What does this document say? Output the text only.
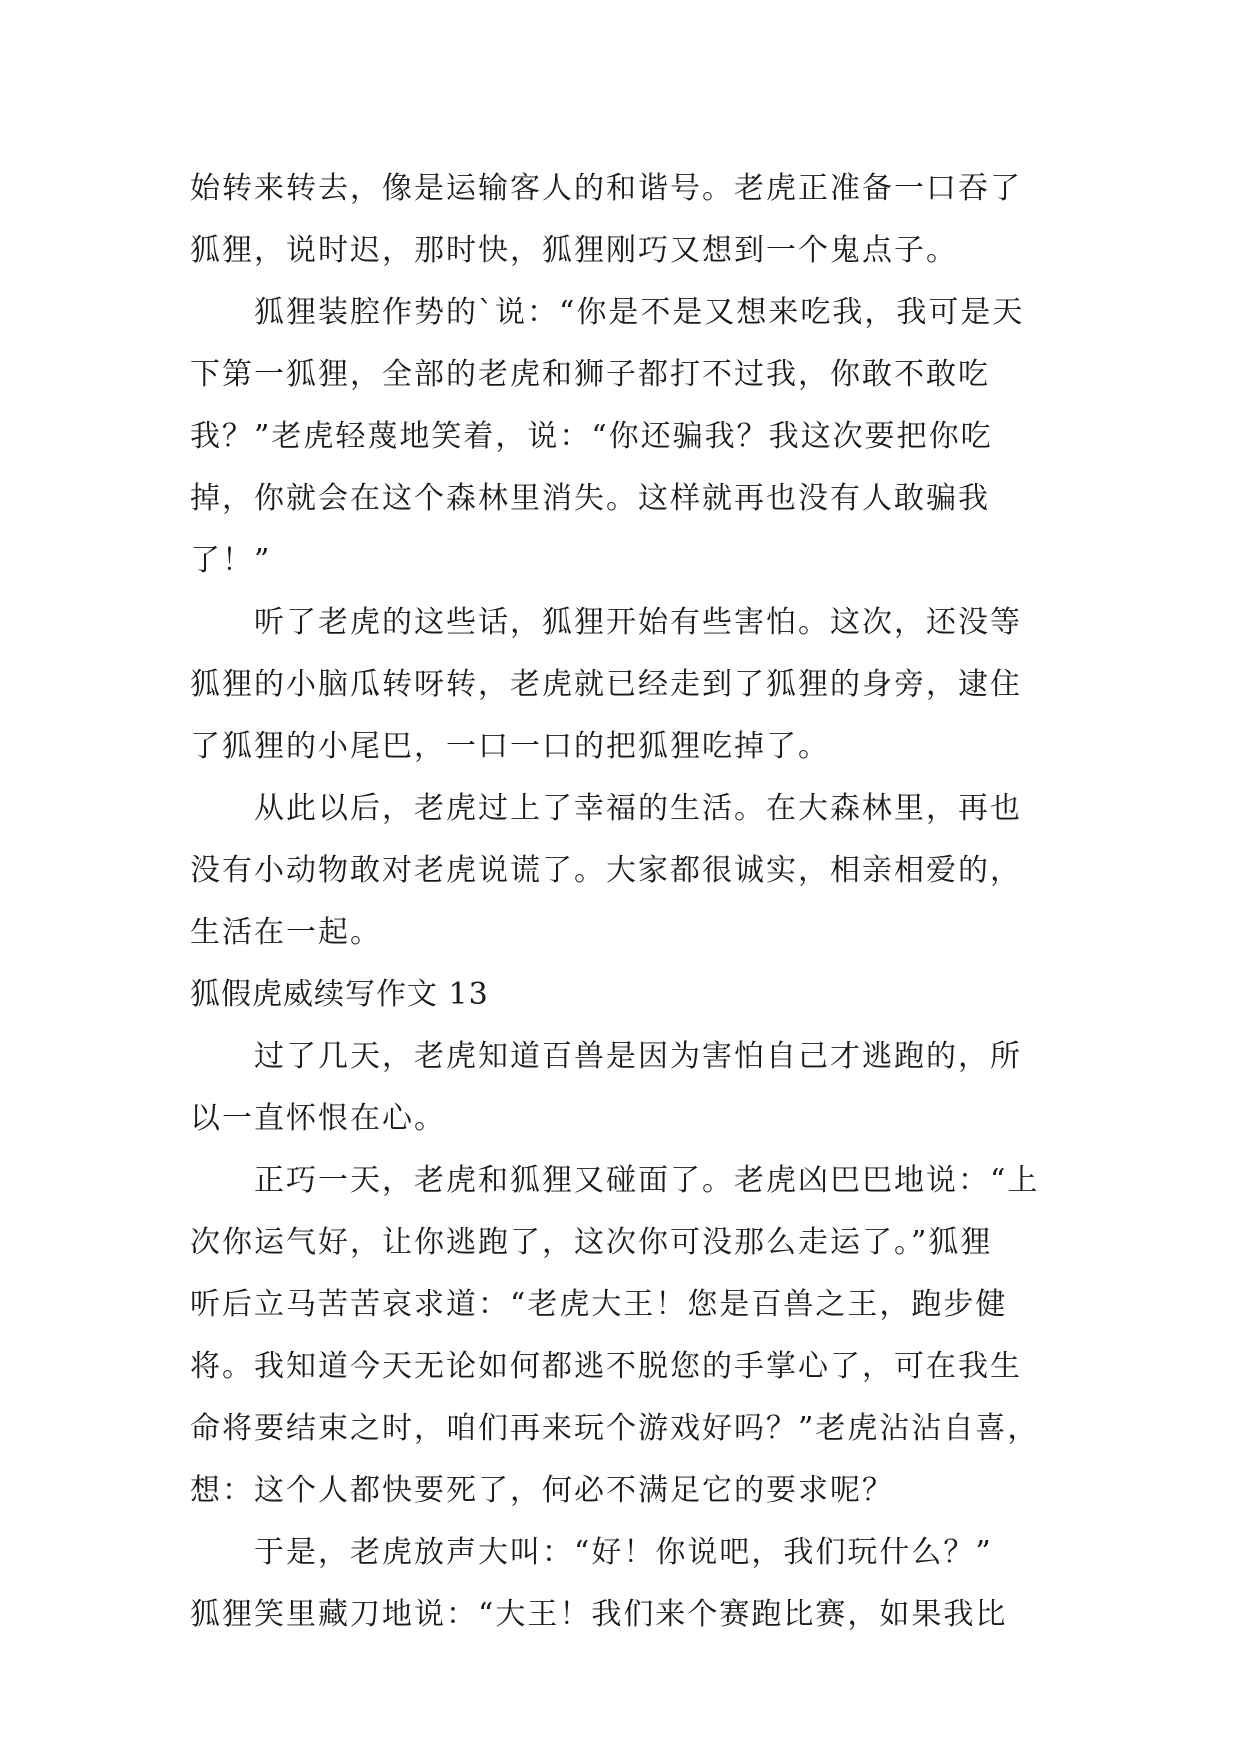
始转来转去，像是运输客人的和谐号。老虎正准备一口吞了
狐狸，说时迟，那时快，狐狸刚巧又想到一个鬼点子。
　　狐狸装腔作势的`说：“你是不是又想来吃我，我可是天
下第一狐狸，全部的老虎和狮子都打不过我，你敢不敢吃
我？”老虎轻蔑地笑着，说：“你还骗我？我这次要把你吃
掉，你就会在这个森林里消失。这样就再也没有人敢骗我
了！”
　　听了老虎的这些话，狐狸开始有些害怕。这次，还没等
狐狸的小脑瓜转呀转，老虎就已经走到了狐狸的身旁，逮住
了狐狸的小尾巴，一口一口的把狐狸吃掉了。
　　从此以后，老虎过上了幸福的生活。在大森林里，再也
没有小动物敢对老虎说谎了。大家都很诚实，相亲相爱的，
生活在一起。
狐假虎威续写作文 13
　　过了几天，老虎知道百兽是因为害怕自己才逃跑的，所
以一直怀恨在心。
　　正巧一天，老虎和狐狸又碰面了。老虎凶巴巴地说：“上
次你运气好，让你逃跑了，这次你可没那么走运了。”狐狸
听后立马苦苦哀求道：“老虎大王！您是百兽之王，跑步健
将。我知道今天无论如何都逃不脱您的手掌心了，可在我生
命将要结束之时，咱们再来玩个游戏好吗？”老虎沾沾自喜，
想：这个人都快要死了，何必不满足它的要求呢？
　　于是，老虎放声大叫：“好！你说吧，我们玩什么？”
狐狸笑里藏刀地说：“大王！我们来个赛跑比赛，如果我比
